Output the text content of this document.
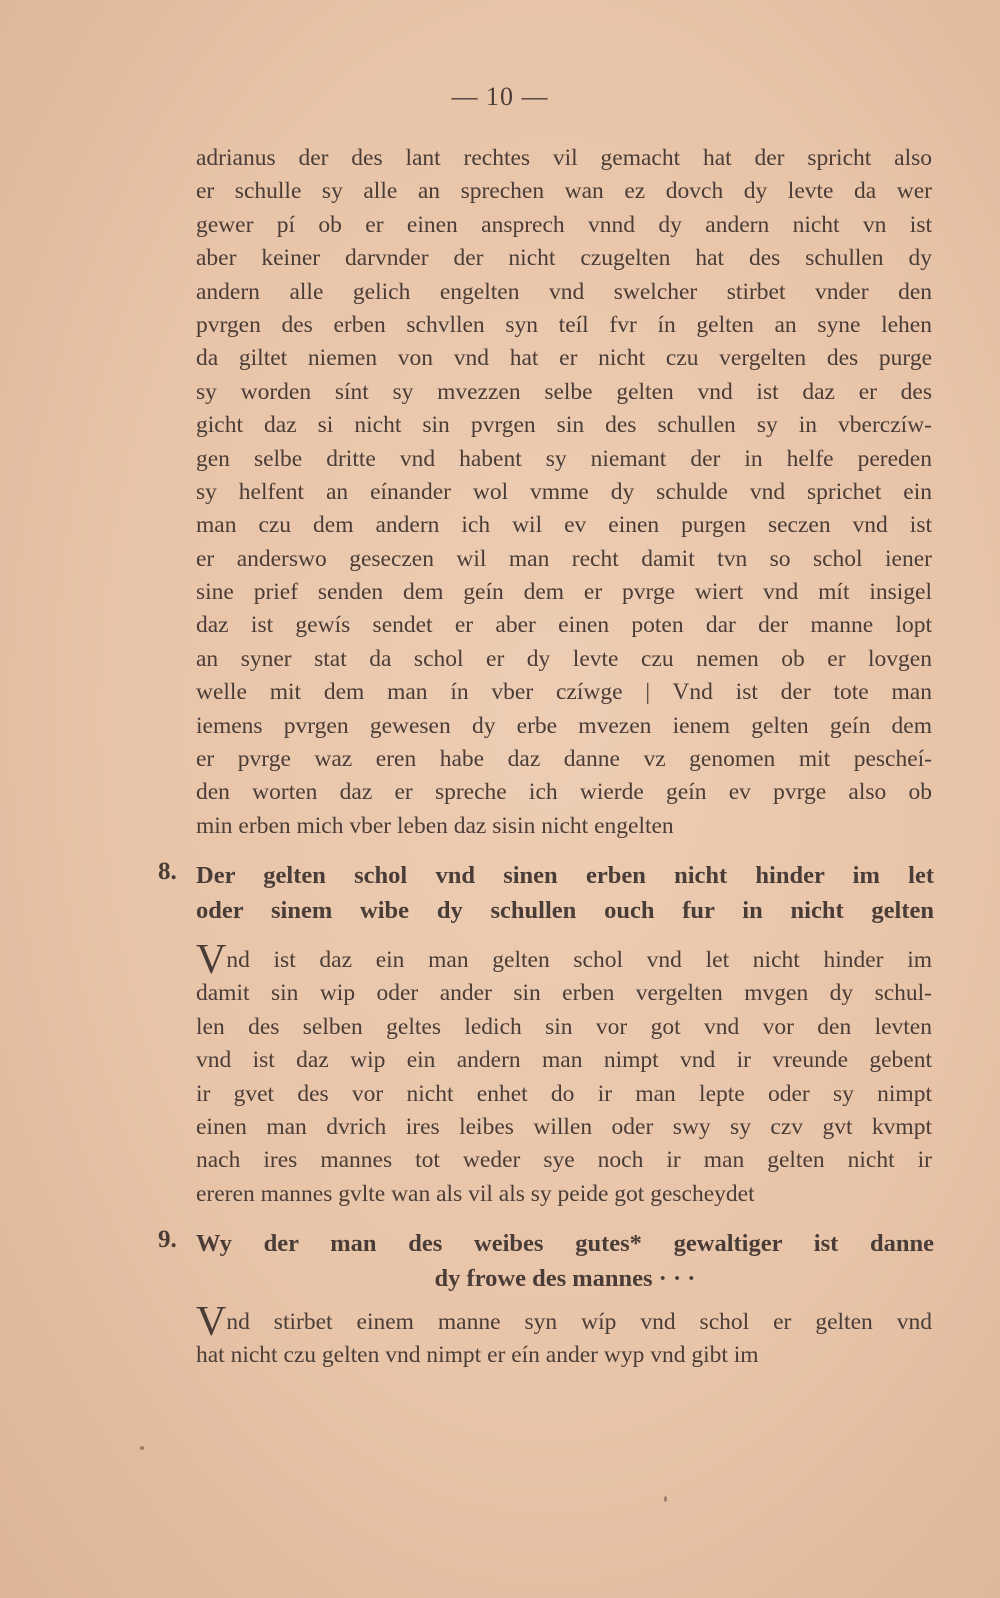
— 10 —
adrianus der des lant rechtes vil gemacht hat der spricht also
er schulle sy alle an sprechen wan ez dovch dy levte da wer
gewer pí ob er einen ansprech vnnd dy andern nicht vn ist
aber keiner darvnder der nicht czugelten hat des schullen dy
andern alle gelich engelten vnd swelcher stirbet vnder den
pvrgen des erben schvllen syn teíl fvr ín gelten an syne lehen
da giltet niemen von vnd hat er nicht czu vergelten des purge
sy worden sínt sy mvezzen selbe gelten vnd ist daz er des
gicht daz si nicht sin pvrgen sin des schullen sy in vberczíw-
gen selbe dritte vnd habent sy niemant der in helfe pereden
sy helfent an eínander wol vmme dy schulde vnd sprichet ein
man czu dem andern ich wil ev einen purgen seczen vnd ist
er anderswo geseczen wil man recht damit tvn so schol iener
sine prief senden dem geín dem er pvrge wiert vnd mít insigel
daz ist gewís sendet er aber einen poten dar der manne lopt
an syner stat da schol er dy levte czu nemen ob er lovgen
welle mit dem man ín vber czíwge | Vnd ist der tote man
iemens pvrgen gewesen dy erbe mvezen ienem gelten geín dem
er pvrge waz eren habe daz danne vz genomen mit pescheí-
den worten daz er spreche ich wierde geín ev pvrge also ob
min erben mich vber leben daz sisin nicht engelten
8. Der gelten schol vnd sinen erben nicht hinder im let
oder sinem wibe dy schullen ouch fur in nicht gelten
Vnd ist daz ein man gelten schol vnd let nicht hinder im
damit sin wip oder ander sin erben vergelten mvgen dy schul-
len des selben geltes ledich sin vor got vnd vor den levten
vnd ist daz wip ein andern man nimpt vnd ir vreunde gebent
ir gvet des vor nicht enhet do ir man lepte oder sy nimpt
einen man dvrich ires leibes willen oder swy sy czv gvt kvmpt
nach ires mannes tot weder sye noch ir man gelten nicht ir
ereren mannes gvlte wan als vil als sy peide got gescheydet
9. Wy der man des weibes gutes* gewaltiger ist danne
dy frowe des mannes · · ·
Vnd stirbet einem manne syn wíp vnd schol er gelten vnd
hat nicht czu gelten vnd nimpt er eín ander wyp vnd gibt im
